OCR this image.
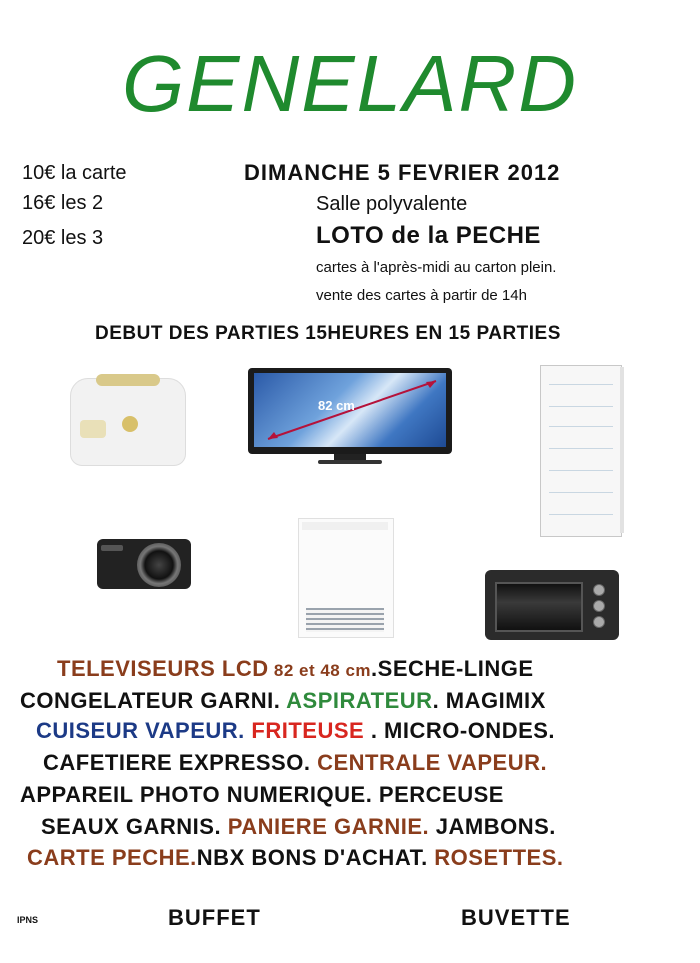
GENELARD
10€ la carte
16€ les 2
20€ les 3
DIMANCHE 5 FEVRIER 2012
Salle polyvalente
LOTO de la PECHE
cartes à l'après-midi au carton plein.
vente des cartes à partir de 14h
DEBUT DES PARTIES 15HEURES EN 15 PARTIES
82 cm
TELEVISEURS LCD 82 et 48 cm.SECHE-LINGE
CONGELATEUR GARNI. ASPIRATEUR. MAGIMIX
CUISEUR VAPEUR. FRITEUSE . MICRO-ONDES.
CAFETIERE EXPRESSO. CENTRALE VAPEUR.
APPAREIL PHOTO NUMERIQUE. PERCEUSE
SEAUX GARNIS. PANIERE GARNIE. JAMBONS.
CARTE PECHE.NBX BONS D'ACHAT. ROSETTES.
IPNS	BUFFET	BUVETTE
